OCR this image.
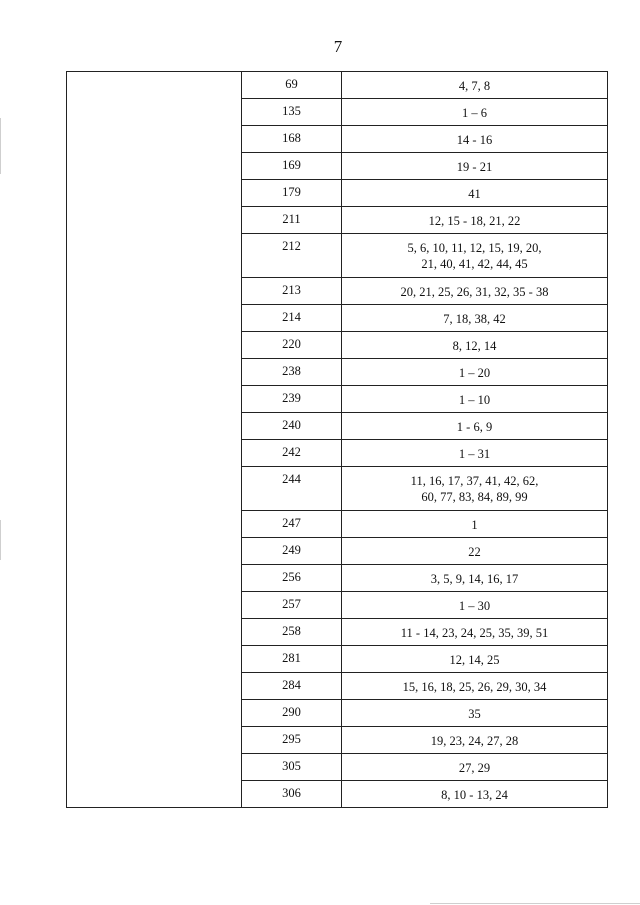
7
	69	4, 7, 8

	135	1 – 6

	168	14 - 16

	169	19 - 21

	179	41

	211	12, 15 - 18, 21, 22

	212	5, 6, 10, 11, 12, 15, 19, 20,
21, 40, 41, 42, 44, 45

	213	20, 21, 25, 26, 31, 32, 35 - 38

	214	7, 18, 38, 42

	220	8, 12, 14

	238	1 – 20

	239	1 – 10

	240	1 - 6, 9

	242	1 – 31

	244	11, 16, 17, 37, 41, 42, 62,
60, 77, 83, 84, 89, 99

	247	1

	249	22

	256	3, 5, 9, 14, 16, 17

	257	1 – 30

	258	11 - 14, 23, 24, 25, 35, 39, 51

	281	12, 14, 25

	284	15, 16, 18, 25, 26, 29, 30, 34

	290	35

	295	19, 23, 24, 27, 28

	305	27, 29

	306	8, 10 - 13, 24
